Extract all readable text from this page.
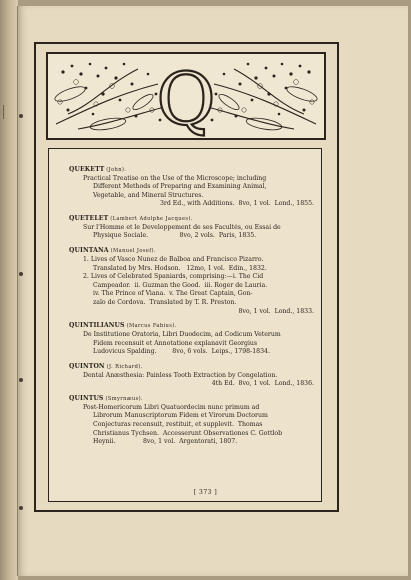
Q
QUEKETT (John).
Practical Treatise on the Use of the Microscope; including
Different Methods of Preparing and Examining Animal,
Vegetable, and Mineral Structures.
3rd Ed., with Additions.  8vo, 1 vol.  Lond., 1855.
QUETELET (Lambert Adolphe Jacques).
Sur l'Homme et le Developpement de ses Facultés, ou Essai de
Physique Sociale.                8vo, 2 vols.  Paris, 1835.
QUINTANA (Manuel Josef).
1. Lives of Vasco Nunez de Balboa and Francisco Pizarro.
Translated by Mrs. Hodson.   12mo, 1 vol.  Edin., 1832.
2. Lives of Celebrated Spaniards, comprising:—i. The Cid
Campeador.  ii. Guzman the Good.  iii. Roger de Lauria.
iv. The Prince of Viana.  v. The Great Captain, Gon-
zalo de Cordova.  Translated by T. R. Preston.
8vo, 1 vol.  Lond., 1833.
QUINTILIANUS (Marcus Fabius).
De Institutione Oratoria, Libri Duodecim, ad Codicum Veterum
Fidem recensuit et Annotatione explanavit Georgius
Ludovicus Spalding.        8vo, 6 vols.  Leips., 1798-1834.
QUINTON (J. Richard).
Dental Anæsthesia: Painless Tooth Extraction by Congelation.
4th Ed.  8vo, 1 vol.  Lond., 1836.
QUINTUS (Smyrnæus).
Post-Homericorum Libri Quatuordecim nunc primum ad
Librorum Manuscriptorum Fidem et Virorum Doctorum
Conjecturas recensuit, restituit, et supplevit.  Thomas
Christianus Tychsen.  Accesserunt Observationes C. Gottlob
Heynii.              8vo, 1 vol.  Argentorati, 1807.
[ 373 ]
